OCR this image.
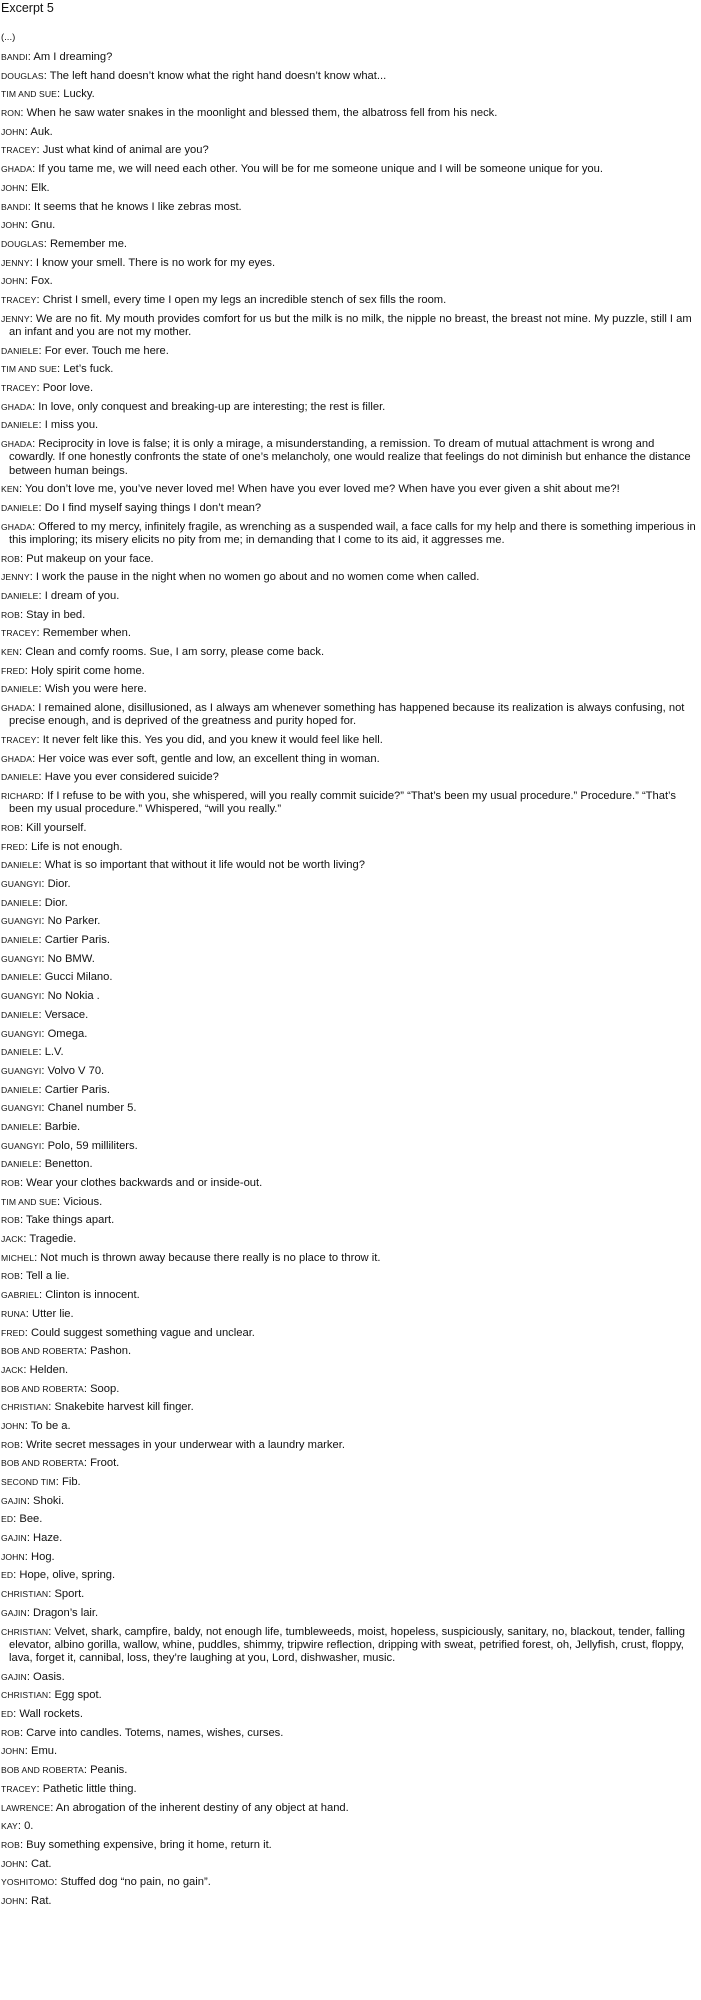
Excerpt 5
(...)
BANDI: Am I dreaming?
DOUGLAS: The left hand doesn’t know what the right hand doesn’t know what...
TIM AND SUE: Lucky.
RON: When he saw water snakes in the moonlight and blessed them, the albatross fell from his neck.
JOHN: Auk.
TRACEY: Just what kind of animal are you?
GHADA: If you tame me, we will need each other. You will be for me someone unique and I will be someone unique for you.
JOHN: Elk.
BANDI: It seems that he knows I like zebras most.
JOHN: Gnu.
DOUGLAS: Remember me.
JENNY: I know your smell. There is no work for my eyes.
JOHN: Fox.
TRACEY: Christ I smell, every time I open my legs an incredible stench of sex fills the room.
JENNY: We are no fit. My mouth provides comfort for us but the milk is no milk, the nipple no breast, the breast not mine. My puzzle, still I am an infant and you are not my mother.
DANIELE: For ever. Touch me here.
TIM AND SUE: Let’s fuck.
TRACEY: Poor love.
GHADA: In love, only conquest and breaking-up are interesting; the rest is filler.
DANIELE: I miss you.
GHADA: Reciprocity in love is false; it is only a mirage, a misunderstanding, a remission. To dream of mutual attachment is wrong and cowardly. If one honestly confronts the state of one’s melancholy, one would realize that feelings do not diminish but enhance the distance between human beings.
KEN: You don’t love me, you’ve never loved me! When have you ever loved me? When have you ever given a shit about me?!
DANIELE: Do I find myself saying things I don’t mean?
GHADA: Offered to my mercy, infinitely fragile, as wrenching as a suspended wail, a face calls for my help and there is something imperious in this imploring; its misery elicits no pity from me; in demanding that I come to its aid, it aggresses me.
ROB: Put makeup on your face.
JENNY: I work the pause in the night when no women go about and no women come when called.
DANIELE: I dream of you.
ROB: Stay in bed.
TRACEY: Remember when.
KEN: Clean and comfy rooms. Sue, I am sorry, please come back.
FRED: Holy spirit come home.
DANIELE: Wish you were here.
GHADA: I remained alone, disillusioned, as I always am whenever something has happened because its realization is always confusing, not precise enough, and is deprived of the greatness and purity hoped for.
TRACEY: It never felt like this. Yes you did, and you knew it would feel like hell.
GHADA: Her voice was ever soft, gentle and low, an excellent thing in woman.
DANIELE: Have you ever considered suicide?
RICHARD: If I refuse to be with you, she whispered, will you really commit suicide?” “That’s been my usual procedure.” Procedure.” “That’s been my usual procedure.” Whispered, “will you really.”
ROB: Kill yourself.
FRED: Life is not enough.
DANIELE: What is so important that without it life would not be worth living?
GUANGYI: Dior.
DANIELE: Dior.
GUANGYI: No Parker.
DANIELE: Cartier Paris.
GUANGYI: No BMW.
DANIELE: Gucci Milano.
GUANGYI: No Nokia .
DANIELE: Versace.
GUANGYI: Omega.
DANIELE: L.V.
GUANGYI: Volvo V 70.
DANIELE: Cartier Paris.
GUANGYI: Chanel number 5.
DANIELE: Barbie.
GUANGYI: Polo, 59 milliliters.
DANIELE: Benetton.
ROB: Wear your clothes backwards and or inside-out.
TIM AND SUE: Vicious.
ROB: Take things apart.
JACK: Tragedie.
MICHEL: Not much is thrown away because there really is no place to throw it.
ROB: Tell a lie.
GABRIEL: Clinton is innocent.
RUNA: Utter lie.
FRED: Could suggest something vague and unclear.
BOB AND ROBERTA: Pashon.
JACK: Helden.
BOB AND ROBERTA: Soop.
CHRISTIAN: Snakebite harvest kill finger.
JOHN: To be a.
ROB: Write secret messages in your underwear with a laundry marker.
BOB AND ROBERTA: Froot.
SECOND TIM: Fib.
GAJIN: Shoki.
ED: Bee.
GAJIN: Haze.
JOHN: Hog.
ED: Hope, olive, spring.
CHRISTIAN: Sport.
GAJIN: Dragon’s lair.
CHRISTIAN: Velvet, shark, campfire, baldy, not enough life, tumbleweeds, moist, hopeless, suspiciously, sanitary, no, blackout, tender, falling elevator, albino gorilla, wallow, whine, puddles, shimmy, tripwire reflection, dripping with sweat, petrified forest, oh, Jellyfish, crust, floppy, lava, forget it, cannibal, loss, they’re laughing at you, Lord, dishwasher, music.
GAJIN: Oasis.
CHRISTIAN: Egg spot.
ED: Wall rockets.
ROB: Carve into candles. Totems, names, wishes, curses.
JOHN: Emu.
BOB AND ROBERTA: Peanis.
TRACEY: Pathetic little thing.
LAWRENCE: An abrogation of the inherent destiny of any object at hand.
KAY: 0.
ROB: Buy something expensive, bring it home, return it.
JOHN: Cat.
YOSHITOMO: Stuffed dog “no pain, no gain”.
JOHN: Rat.
